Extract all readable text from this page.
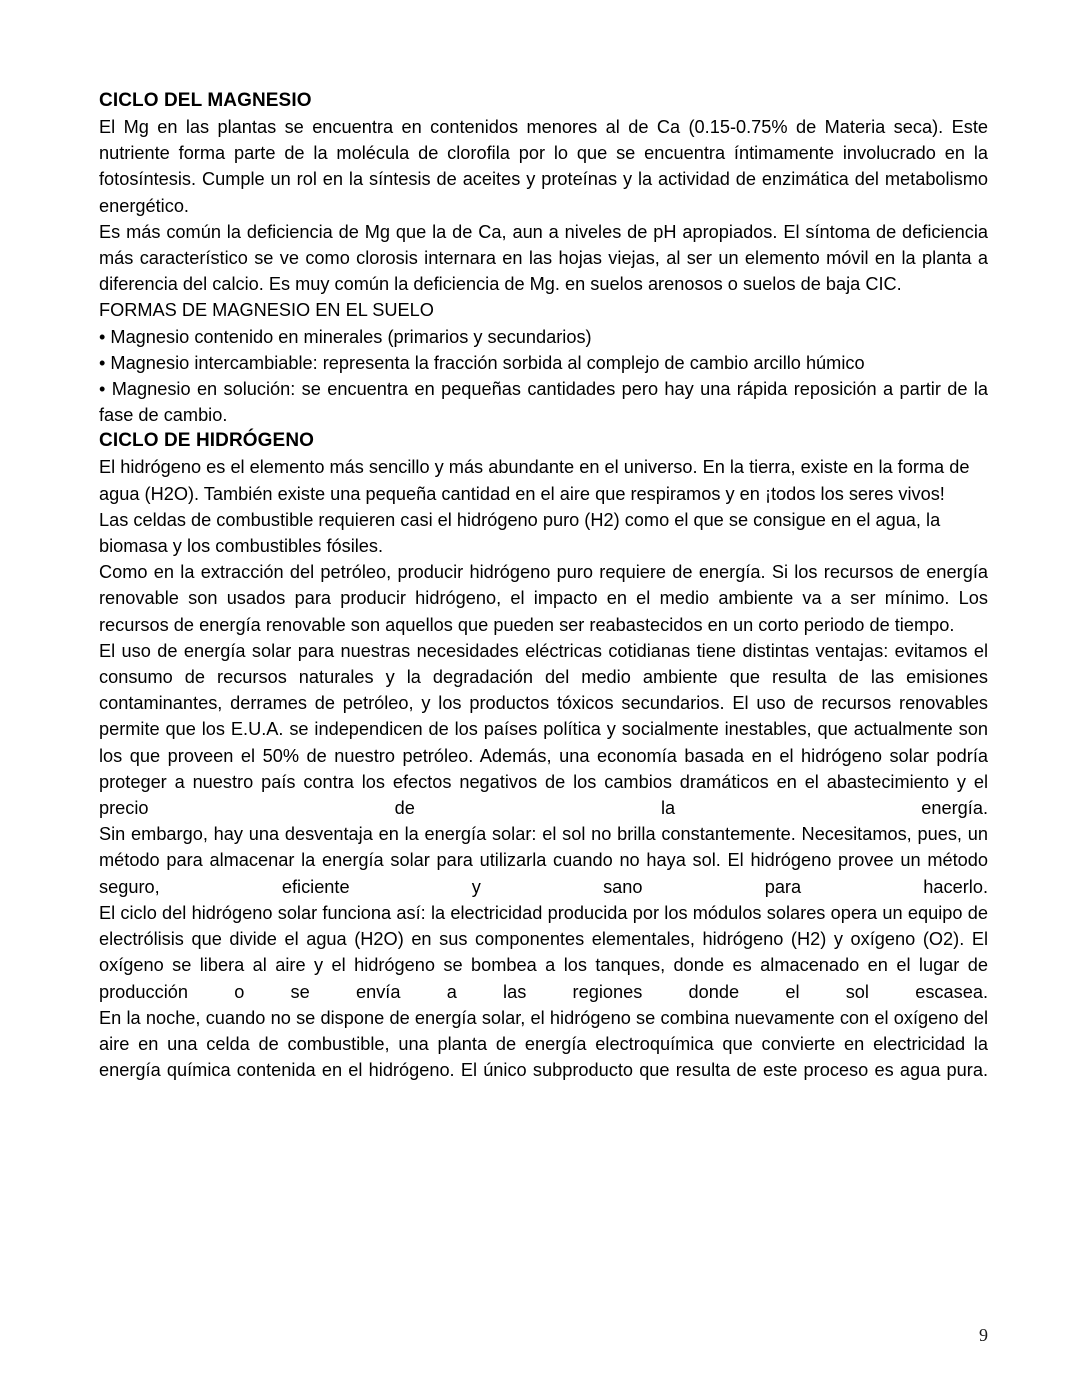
CICLO DEL MAGNESIO

El Mg en las plantas se encuentra en contenidos menores al de Ca (0.15-0.75% de Materia seca). Este nutriente forma parte de la molécula de clorofila por lo que se encuentra íntimamente involucrado en la fotosíntesis. Cumple un rol en la síntesis de aceites y proteínas y la actividad de enzimática del metabolismo energético.

Es más común la deficiencia de Mg que la de Ca, aun a niveles de pH apropiados. El síntoma de deficiencia más característico se ve como clorosis internara en las hojas viejas, al ser un elemento móvil en la planta a diferencia del calcio. Es muy común la deficiencia de Mg. en suelos arenosos o suelos de baja CIC.

FORMAS DE MAGNESIO EN EL SUELO

• Magnesio contenido en minerales (primarios y secundarios)

• Magnesio intercambiable: representa la fracción sorbida al complejo de cambio arcillo húmico

• Magnesio en solución: se encuentra en pequeñas cantidades pero hay una rápida reposición a partir de la fase de cambio.

CICLO DE HIDRÓGENO

El hidrógeno es el elemento más sencillo y más abundante en el universo. En la tierra, existe en la forma de agua (H2O). También existe una pequeña cantidad en el aire que respiramos y en ¡todos los seres vivos!

Las celdas de combustible requieren casi el hidrógeno puro (H2) como el que se consigue en el agua, la biomasa y los combustibles fósiles.

Como en la extracción del petróleo, producir hidrógeno puro requiere de energía. Si los recursos de energía renovable son usados para producir hidrógeno, el impacto en el medio ambiente va a ser mínimo. Los recursos de energía renovable son aquellos que pueden ser reabastecidos en un corto periodo de tiempo.

El uso de energía solar para nuestras necesidades eléctricas cotidianas tiene distintas ventajas: evitamos el consumo de recursos naturales y la degradación del medio ambiente que resulta de las emisiones contaminantes, derrames de petróleo, y los productos tóxicos secundarios. El uso de recursos renovables permite que los E.U.A. se independicen de los países política y socialmente inestables, que actualmente son los que proveen el 50% de nuestro petróleo. Además, una economía basada en el hidrógeno solar podría proteger a nuestro país contra los efectos negativos de los cambios dramáticos en el abastecimiento y el precio de la energía.

Sin embargo, hay una desventaja en la energía solar: el sol no brilla constantemente. Necesitamos, pues, un método para almacenar la energía solar para utilizarla cuando no haya sol. El hidrógeno provee un método seguro, eficiente y sano para hacerlo.

El ciclo del hidrógeno solar funciona así: la electricidad producida por los módulos solares opera un equipo de electrólisis que divide el agua (H2O) en sus componentes elementales, hidrógeno (H2) y oxígeno (O2). El oxígeno se libera al aire y el hidrógeno se bombea a los tanques, donde es almacenado en el lugar de producción o se envía a las regiones donde el sol escasea.

En la noche, cuando no se dispone de energía solar, el hidrógeno se combina nuevamente con el oxígeno del aire en una celda de combustible, una planta de energía electroquímica que convierte en electricidad la energía química contenida en el hidrógeno. El único subproducto que resulta de este proceso es agua pura.

9
